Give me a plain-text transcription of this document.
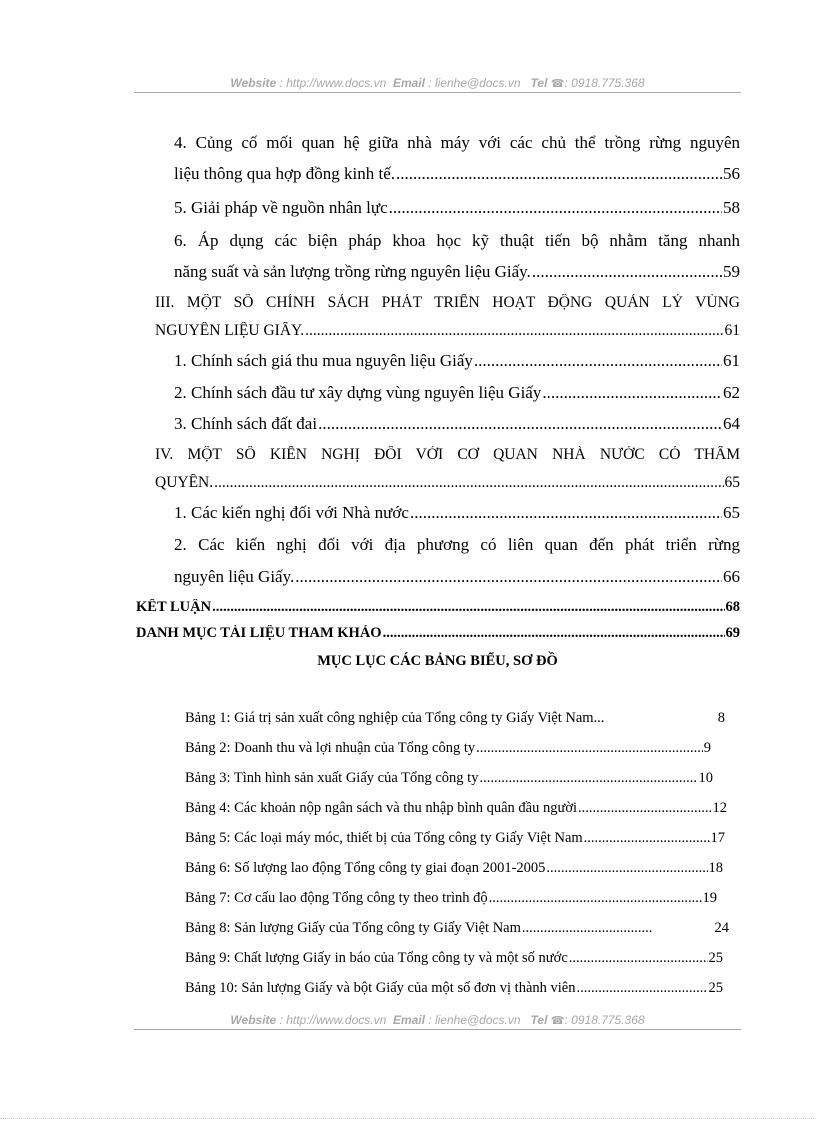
Website : http://www.docs.vn Email : lienhe@docs.vn Tel ☎: 0918.775.368
4. Củng cố mối quan hệ giữa nhà máy với các chủ thể trồng rừng nguyên
liệu thông qua hợp đồng kinh tế. .....	56
5. Giải pháp về nguồn nhân lực .....	58
6. Áp dụng các biện pháp khoa học kỹ thuật tiến bộ nhằm tăng nhanh
năng suất và sản lượng trồng rừng nguyên liệu Giấy. .....	59
III. MỘT SỐ CHÍNH SÁCH PHÁT TRIỂN HOẠT ĐỘNG QUẢN LÝ VÙNG
NGUYÊN LIỆU GIẤY. .....	61
1. Chính sách giá thu mua nguyên liệu Giấy .....	61
2. Chính sách đầu tư xây dựng vùng nguyên liệu Giấy .....	62
3. Chính sách đất đai .....	64
IV. MỘT SỐ KIẾN NGHỊ ĐỐI VỚI CƠ QUAN NHÀ NƯỚC CÓ THẨM
QUYỀN. .....	65
1. Các kiến nghị đối với Nhà nước .....	65
2. Các kiến nghị đối với địa phương có liên quan đến phát triển rừng
nguyên liệu Giấy. .....	66
KẾT LUẬN .....	68
DANH MỤC TÀI LIỆU THAM KHẢO .....	69
MỤC LỤC CÁC BẢNG BIỂU, SƠ ĐỒ
Bảng 1: Giá trị sản xuất công nghiệp của Tổng công ty Giấy Việt Nam...	8
Bảng 2: Doanh thu và lợi nhuận của Tổng công ty .....	9
Bảng 3: Tình hình sản xuất Giấy của Tổng công ty .....	10
Bảng 4: Các khoản nộp ngân sách và thu nhập bình quân đầu người .....	12
Bảng 5: Các loại máy móc, thiết bị của Tổng công ty Giấy Việt Nam .....	17
Bảng 6: Số lượng lao động Tổng công ty giai đoạn 2001-2005 .....	18
Bảng 7: Cơ cấu lao động Tổng công ty theo trình độ .....	19
Bảng 8: Sản lượng Giấy của Tổng công ty Giấy Việt Nam .....	24
Bảng 9: Chất lượng Giấy in báo của Tổng công ty và một số nước .....	25
Bảng 10: Sản lượng Giấy và bột Giấy của một số đơn vị thành viên .....	25
Website : http://www.docs.vn Email : lienhe@docs.vn Tel ☎: 0918.775.368
